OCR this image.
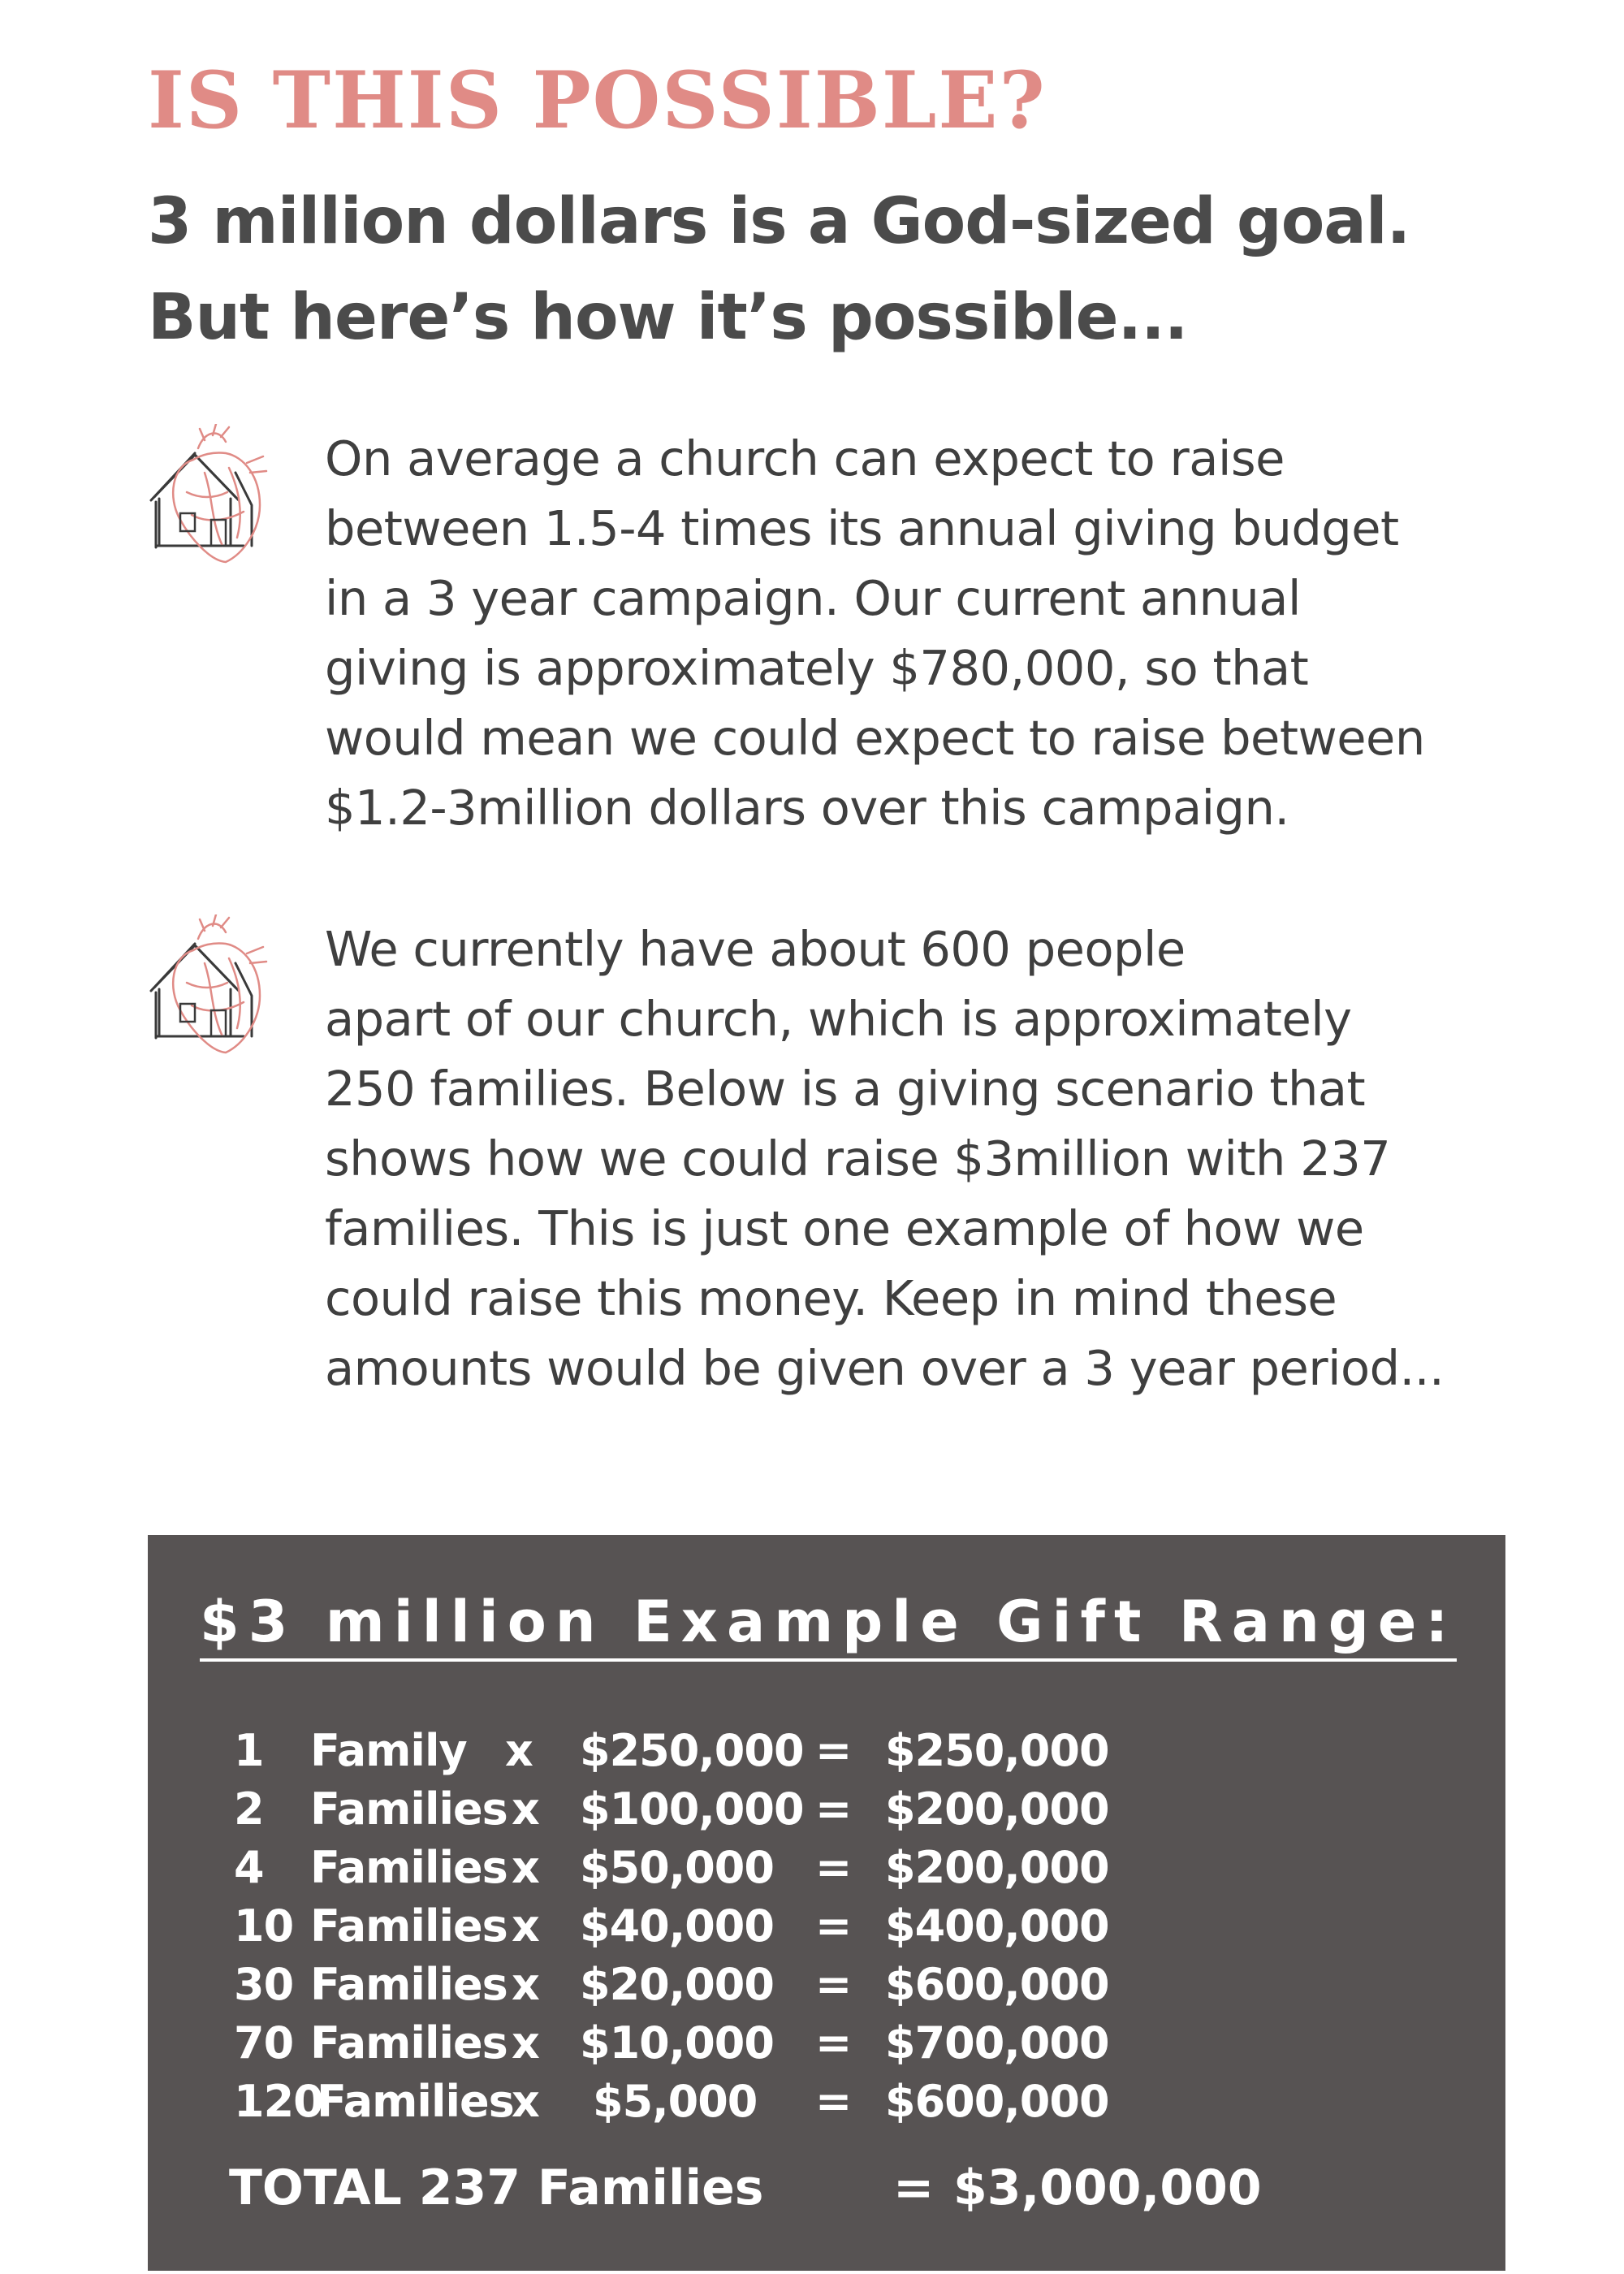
IS THIS POSSIBLE?
3 million dollars is a God-sized goal.
But here’s how it’s possible...

On average a church can expect to raise
between 1.5-4 times its annual giving budget
in a 3 year campaign. Our current annual
giving is approximately $780,000, so that
would mean we could expect to raise between
$1.2-3million dollars over this campaign.

We currently have about 600 people
apart of our church, which is approximately
250 families. Below is a giving scenario that
shows how we could raise $3million with 237
families. This is just one example of how we
could raise this money. Keep in mind these
amounts would be given over a 3 year period...

$3 million Example Gift Range:
1 Family x $250,000 = $250,000
2 Families x $100,000 = $200,000
4 Families x $50,000 = $200,000
10 Families x $40,000 = $400,000
30 Families x $20,000 = $600,000
70 Families x $10,000 = $700,000
120
Families
x $5,000 = $600,000
TOTAL 237 Families	= $3,000,000
